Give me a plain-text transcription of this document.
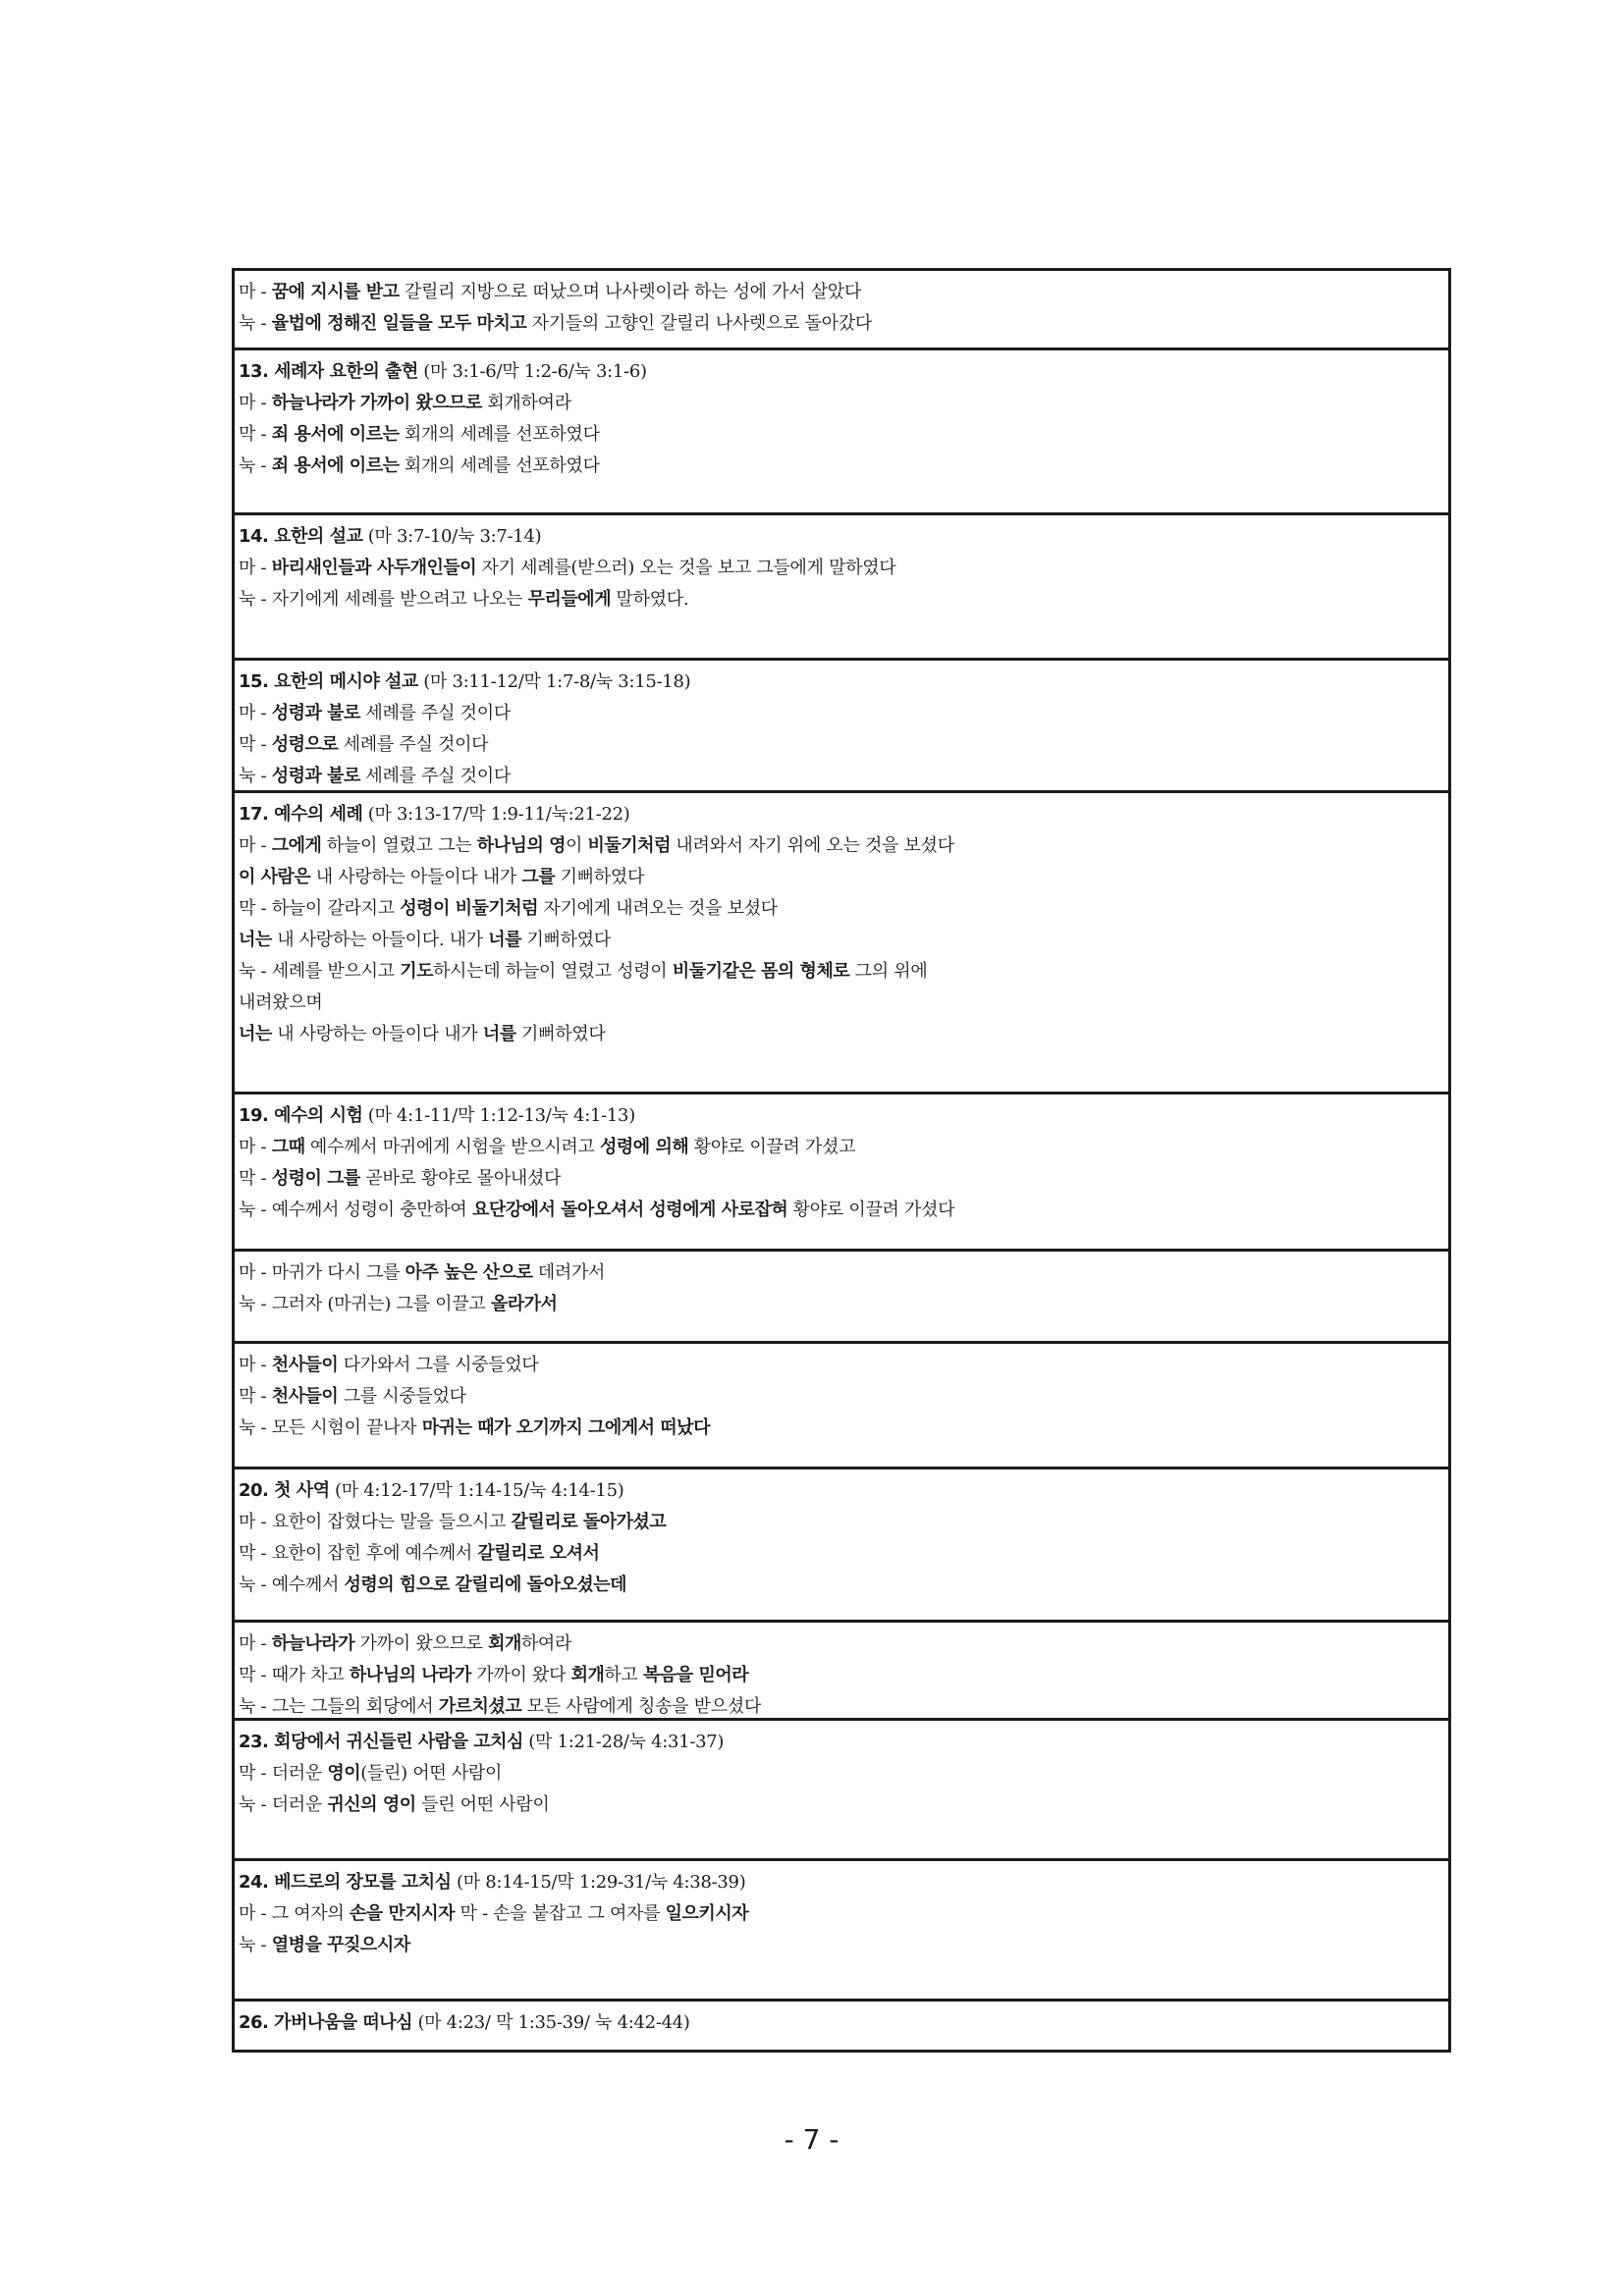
마 - 꿈에 지시를 받고 갈릴리 지방으로 떠났으며 나사렛이라 하는 성에 가서 살았다
눅 - 율법에 정해진 일들을 모두 마치고 자기들의 고향인 갈릴리 나사렛으로 돌아갔다
13. 세례자 요한의 출현 (마 3:1-6/막 1:2-6/눅 3:1-6)
마 - 하늘나라가 가까이 왔으므로 회개하여라
막 - 죄 용서에 이르는 회개의 세례를 선포하였다
눅 - 죄 용서에 이르는 회개의 세례를 선포하였다
14. 요한의 설교 (마 3:7-10/눅 3:7-14)
마 - 바리새인들과 사두개인들이 자기 세례를(받으러) 오는 것을 보고 그들에게 말하였다
눅 - 자기에게 세례를 받으려고 나오는 무리들에게 말하였다.
15. 요한의 메시야 설교 (마 3:11-12/막 1:7-8/눅 3:15-18)
마 - 성령과 불로 세례를 주실 것이다
막 - 성령으로 세례를 주실 것이다
눅 - 성령과 불로 세례를 주실 것이다
17. 예수의 세례 (마 3:13-17/막 1:9-11/눅:21-22)
마 - 그에게 하늘이 열렸고 그는 하나님의 영이 비둘기처럼 내려와서 자기 위에 오는 것을 보셨다
이 사람은 내 사랑하는 아들이다 내가 그를 기뻐하였다
막 - 하늘이 갈라지고 성령이 비둘기처럼 자기에게 내려오는 것을 보셨다
너는 내 사랑하는 아들이다. 내가 너를 기뻐하였다
눅 - 세례를 받으시고 기도하시는데 하늘이 열렸고 성령이 비둘기같은 몸의 형체로 그의 위에
내려왔으며
너는 내 사랑하는 아들이다 내가 너를 기뻐하였다
19. 예수의 시험 (마 4:1-11/막 1:12-13/눅 4:1-13)
마 - 그때 예수께서 마귀에게 시험을 받으시려고 성령에 의해 황야로 이끌려 가셨고
막 - 성령이 그를 곧바로 황야로 몰아내셨다
눅 - 예수께서 성령이 충만하여 요단강에서 돌아오셔서 성령에게 사로잡혀 황야로 이끌려 가셨다
마 - 마귀가 다시 그를 아주 높은 산으로 데려가서
눅 - 그러자 (마귀는) 그를 이끌고 올라가서
마 - 천사들이 다가와서 그를 시중들었다
막 - 천사들이 그를 시중들었다
눅 - 모든 시험이 끝나자 마귀는 때가 오기까지 그에게서 떠났다
20. 첫 사역 (마 4:12-17/막 1:14-15/눅 4:14-15)
마 - 요한이 잡혔다는 말을 들으시고 갈릴리로 돌아가셨고
막 - 요한이 잡힌 후에 예수께서 갈릴리로 오셔서
눅 - 예수께서 성령의 힘으로 갈릴리에 돌아오셨는데
마 - 하늘나라가 가까이 왔으므로 회개하여라
막 - 때가 차고 하나님의 나라가 가까이 왔다 회개하고 복음을 믿어라
눅 - 그는 그들의 회당에서 가르치셨고 모든 사람에게 칭송을 받으셨다
23. 회당에서 귀신들린 사람을 고치심 (막 1:21-28/눅 4:31-37)
막 - 더러운 영이(들린) 어떤 사람이
눅 - 더러운 귀신의 영이 들린 어떤 사람이
24. 베드로의 장모를 고치심 (마 8:14-15/막 1:29-31/눅 4:38-39)
마 - 그 여자의 손을 만지시자 막 - 손을 붙잡고 그 여자를 일으키시자
눅 - 열병을 꾸짖으시자
26. 가버나움을 떠나심 (마 4:23/ 막 1:35-39/ 눅 4:42-44)
- 7 -
